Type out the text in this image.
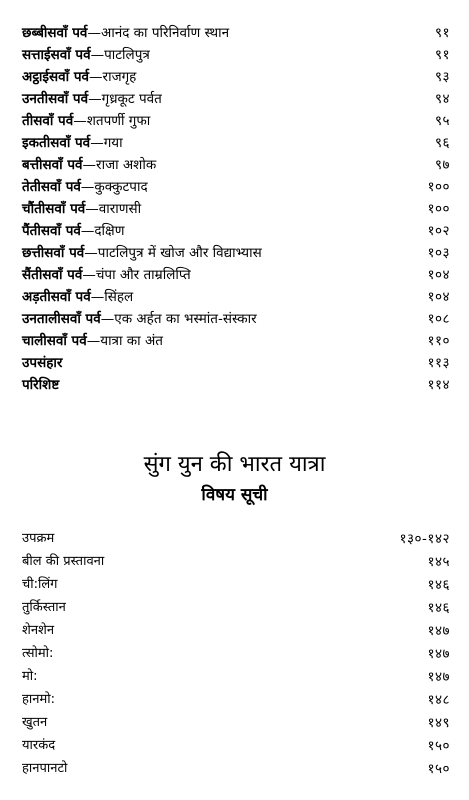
छब्बीसवाँ पर्व—आनंद का परिनिर्वाण स्थान	९१
सत्ताईसवाँ पर्व—पाटलिपुत्र	९१
अट्ठाईसवाँ पर्व—राजगृह	९३
उनतीसवाँ पर्व—गृध्रकूट पर्वत	९४
तीसवाँ पर्व—शतपर्णी गुफा	९५
इकतीसवाँ पर्व—गया	९६
बत्तीसवाँ पर्व—राजा अशोक	९७
तेतीसवाँ पर्व—कुक्कुटपाद	१००
चौंतीसवाँ पर्व—वाराणसी	१००
पैंतीसवाँ पर्व—दक्षिण	१०२
छत्तीसवाँ पर्व—पाटलिपुत्र में खोज और विद्याभ्यास	१०३
सैंतीसवाँ पर्व—चंपा और ताम्रलिप्ति	१०४
अड़तीसवाँ पर्व—सिंहल	१०४
उनतालीसवाँ पर्व—एक अर्हत का भस्मांत-संस्कार	१०८
चालीसवाँ पर्व—यात्रा का अंत	११०
उपसंहार	११३
परिशिष्ट	११४
सुंग युन की भारत यात्रा
विषय सूची
उपक्रम	१३०-१४२
बील की प्रस्तावना	१४५
ची:लिंग	१४६
तुर्किस्तान	१४६
शेनशेन	१४७
त्सोमो:	१४७
मो:	१४७
हानमो:	१४८
खुतन	१४९
यारकंद	१५०
हानपानटो	१५०
